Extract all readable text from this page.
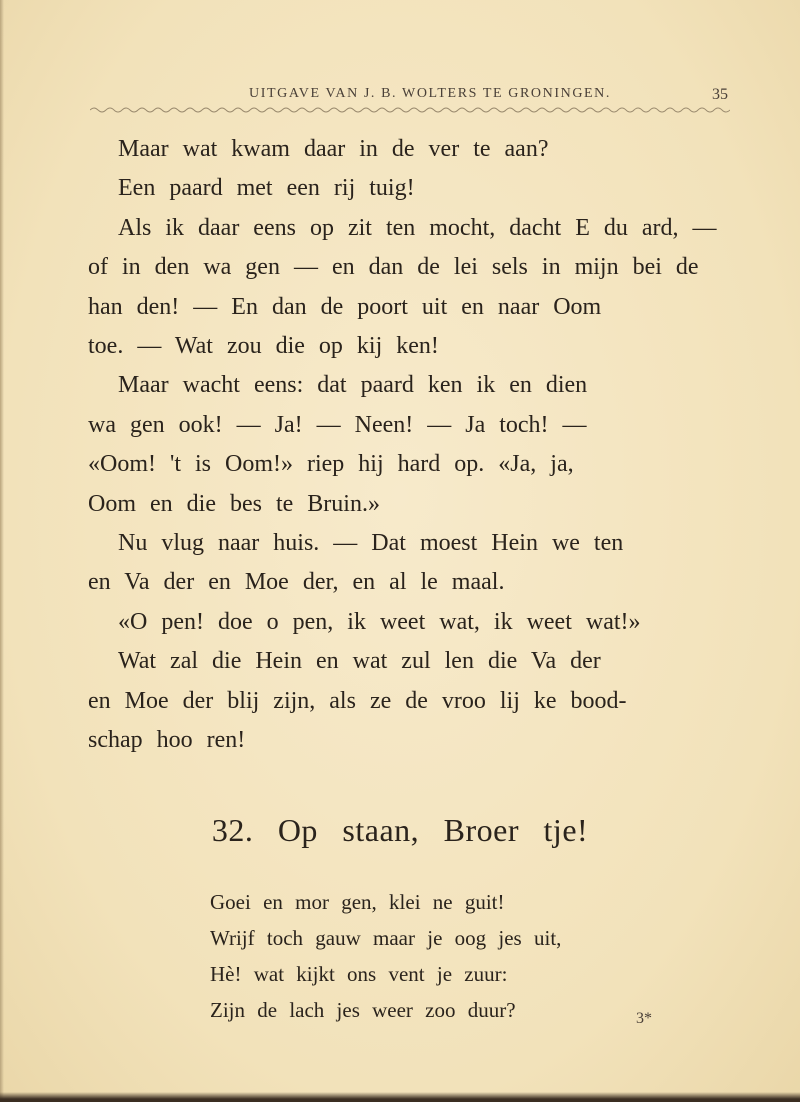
UITGAVE VAN J. B. WOLTERS TE GRONINGEN.	35

Maar wat kwam daar in de ver te aan?

Een paard met een rij tuig!

Als ik daar eens op zit ten mocht, dacht E du ard, —

of in den wa gen — en dan de lei sels in mijn bei de

han den! — En dan de poort uit en naar Oom

toe. — Wat zou die op kij ken!

Maar wacht eens: dat paard ken ik en dien

wa gen ook! — Ja! — Neen! — Ja toch! —

«Oom! 't is Oom!» riep hij hard op. «Ja, ja,

Oom en die bes te Bruin.»

Nu vlug naar huis. — Dat moest Hein we ten

en Va der en Moe der, en al le maal.

«O pen! doe o pen, ik weet wat, ik weet wat!»

Wat zal die Hein en wat zul len die Va der

en Moe der blij zijn, als ze de vroo lij ke bood-

schap hoo ren!

32. Op staan, Broer tje!
Goei en mor gen, klei ne guit!
Wrijf toch gauw maar je oog jes uit,
Hè! wat kijkt ons vent je zuur:
Zijn de lach jes weer zoo duur?	3*
